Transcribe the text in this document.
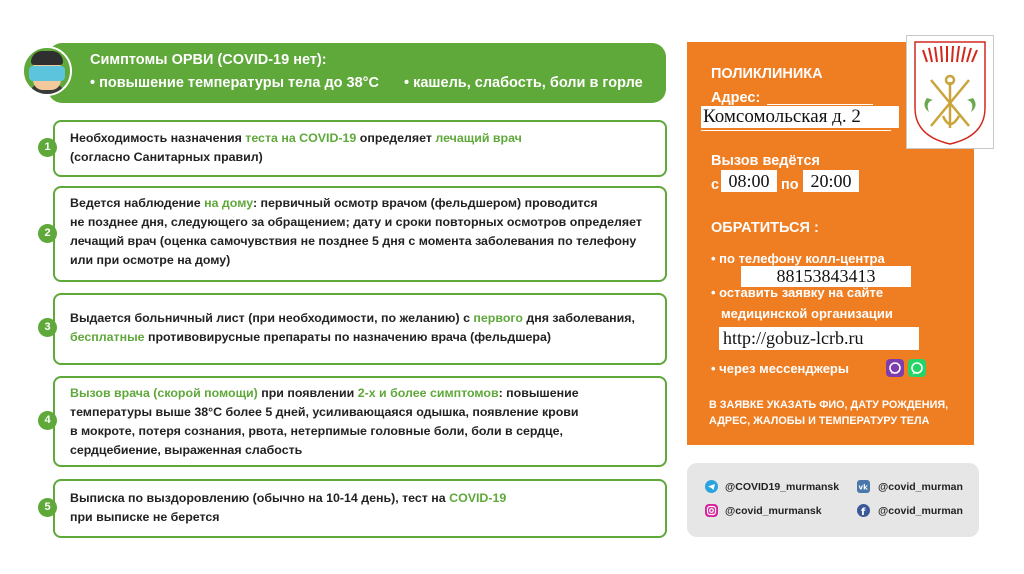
Симптомы ОРВИ (COVID-19 нет):
• повышение температуры тела до 38°С • кашель, слабость, боли в горле
Необходимость назначения теста на COVID-19 определяет лечащий врач
(согласно Санитарных правил)
1
Ведется наблюдение на дому: первичный осмотр врачом (фельдшером) проводится
не позднее дня, следующего за обращением; дату и сроки повторных осмотров определяет
лечащий врач (оценка самочувствия не позднее 5 дня с момента заболевания по телефону
или при осмотре на дому)
2
Выдается больничный лист (при необходимости, по желанию) с первого дня заболевания,
бесплатные противовирусные препараты по назначению врача (фельдшера)
3
Вызов врача (скорой помощи) при появлении 2-х и более симптомов: повышение
температуры выше 38°С более 5 дней, усиливающаяся одышка, появление крови
в мокроте, потеря сознания, рвота, нетерпимые головные боли, боли в сердце,
сердцебиение, выраженная слабость
4
Выписка по выздоровлению (обычно на 10-14 день), тест на COVID-19
при выписке не берется
5
ПОЛИКЛИНИКА
Адрес:
Комсомольская д. 2
Вызов ведётся
с 08:00 по 20:00
ОБРАТИТЬСЯ :
• по телефону колл-центра
88153843413
• оставить заявку на сайте
медицинской организации
http://gobuz-lcrb.ru
• через мессенджеры
В ЗАЯВКЕ УКАЗАТЬ ФИО, ДАТУ РОЖДЕНИЯ,
АДРЕС, ЖАЛОБЫ И ТЕМПЕРАТУРУ ТЕЛА
@COVID19_murmansk	vk @covid_murman
@covid_murmansk	f @covid_murman
